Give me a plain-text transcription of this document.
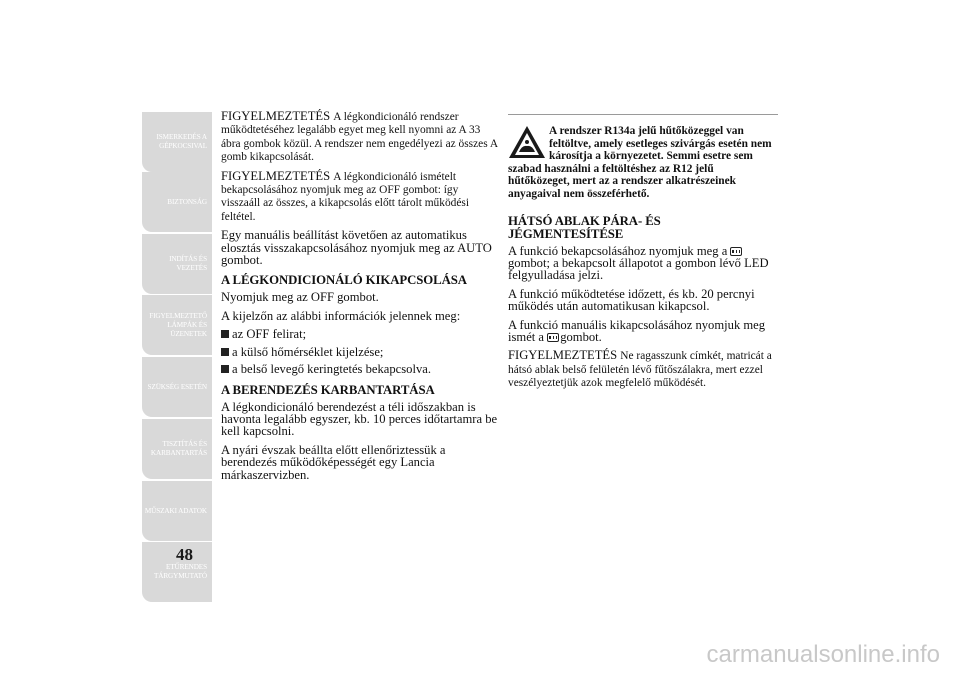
ISMERKEDÉS A
GÉPKOCSIVAL
BIZTONSÁG
INDÍTÁS ÉS
VEZETÉS
FIGYELMEZTETŐ
LÁMPÁK ÉS
ÜZENETEK
SZÜKSÉG ESETÉN
TISZTÍTÁS ÉS
KARBANTARTÁS
MŰSZAKI ADATOK
ETŰRENDES
TÁRGYMUTATÓ
48

FIGYELMEZTETÉS A légkondicionáló rendszer működtetéséhez legalább egyet meg kell nyomni az A 33 ábra gombok közül. A rendszer nem engedélyezi az összes A gomb kikapcsolását.

FIGYELMEZTETÉS A légkondicionáló ismételt bekapcsolásához nyomjuk meg az OFF gombot: így visszaáll az összes, a kikapcsolás előtt tárolt működési feltétel.

Egy manuális beállítást követően az automatikus elosztás visszakapcsolásához nyomjuk meg az AUTO gombot.

A LÉGKONDICIONÁLÓ KIKAPCSOLÁSA

Nyomjuk meg az OFF gombot.

A kijelzőn az alábbi információk jelennek meg:

az OFF felirat;
a külső hőmérséklet kijelzése;
a belső levegő keringtetés bekapcsolva.
A BERENDEZÉS KARBANTARTÁSA

A légkondicionáló berendezést a téli időszakban is havonta legalább egyszer, kb. 10 perces időtartamra be kell kapcsolni.

A nyári évszak beállta előtt ellenőriztessük a berendezés működőképességét egy Lancia márkaszervizben.

A rendszer R134a jelű hűtőközeggel van feltöltve, amely esetleges szivárgás esetén nem károsítja a környezetet. Semmi esetre sem szabad használni a feltöltéshez az R12 jelű hűtőközeget, mert az a rendszer alkatrészeinek anyagaival nem összeférhető.
HÁTSÓ ABLAK PÁRA- ÉS JÉGMENTESÍTÉSE

A funkció bekapcsolásához nyomjuk meg a gombot; a bekapcsolt állapotot a gombon lévő LED felgyulladása jelzi.

A funkció működtetése időzett, és kb. 20 percnyi működés után automatikusan kikapcsol.

A funkció manuális kikapcsolásához nyomjuk meg ismét a gombot.

FIGYELMEZTETÉS Ne ragasszunk címkét, matricát a hátsó ablak belső felületén lévő fűtőszálakra, mert ezzel veszélyeztetjük azok megfelelő működését.

carmanualsonline.info
